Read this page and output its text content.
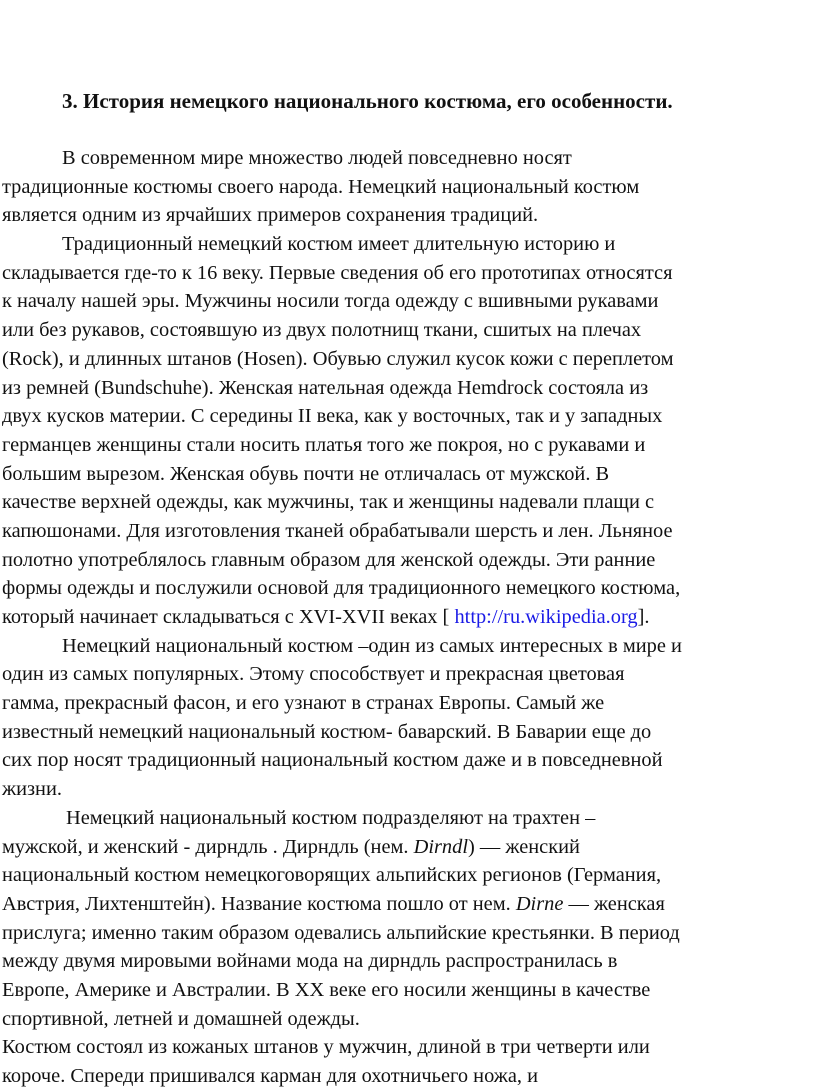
3. История немецкого национального костюма, его особенности.
В современном мире множество людей повседневно носят
традиционные костюмы своего народа. Немецкий национальный костюм
является одним из ярчайших примеров сохранения традиций.
Традиционный немецкий костюм имеет длительную историю и
складывается где-то к 16 веку. Первые сведения об его прототипах относятся
к началу нашей эры. Мужчины носили тогда одежду с вшивными рукавами
или без рукавов, состоявшую из двух полотнищ ткани, сшитых на плечах
(Rock), и длинных штанов (Hosen). Обувью служил кусок кожи с переплетом
из ремней (Bundschuhe). Женская нательная одежда Hemdrock состояла из
двух кусков материи. С середины II века, как у восточных, так и у западных
германцев женщины стали носить платья того же покроя, но с рукавами и
большим вырезом. Женская обувь почти не отличалась от мужской. В
качестве верхней одежды, как мужчины, так и женщины надевали плащи с
капюшонами. Для изготовления тканей обрабатывали шерсть и лен. Льняное
полотно употреблялось главным образом для женской одежды. Эти ранние
формы одежды и послужили основой для традиционного немецкого костюма,
который начинает складываться с XVI-XVII веках [ http://ru.wikipedia.org].
Немецкий национальный костюм –один из самых интересных в мире и
один из самых популярных. Этому способствует и прекрасная цветовая
гамма, прекрасный фасон, и его узнают в странах Европы. Самый же
известный немецкий национальный костюм- баварский. В Баварии еще до
сих пор носят традиционный национальный костюм даже и в повседневной
жизни.
Немецкий национальный костюм подразделяют на трахтен –
мужской, и женский - дирндль . Дирндль (нем. Dirndl) — женский
национальный костюм немецкоговорящих альпийских регионов (Германия,
Австрия, Лихтенштейн). Название костюма пошло от нем. Dirne — женская
прислуга; именно таким образом одевались альпийские крестьянки. В период
между двумя мировыми войнами мода на дирндль распространилась в
Европе, Америке и Австралии. В XX веке его носили женщины в качестве
спортивной, летней и домашней одежды.
Костюм состоял из кожаных штанов у мужчин, длиной в три четверти или
короче. Спереди пришивался карман для охотничьего ножа, и
